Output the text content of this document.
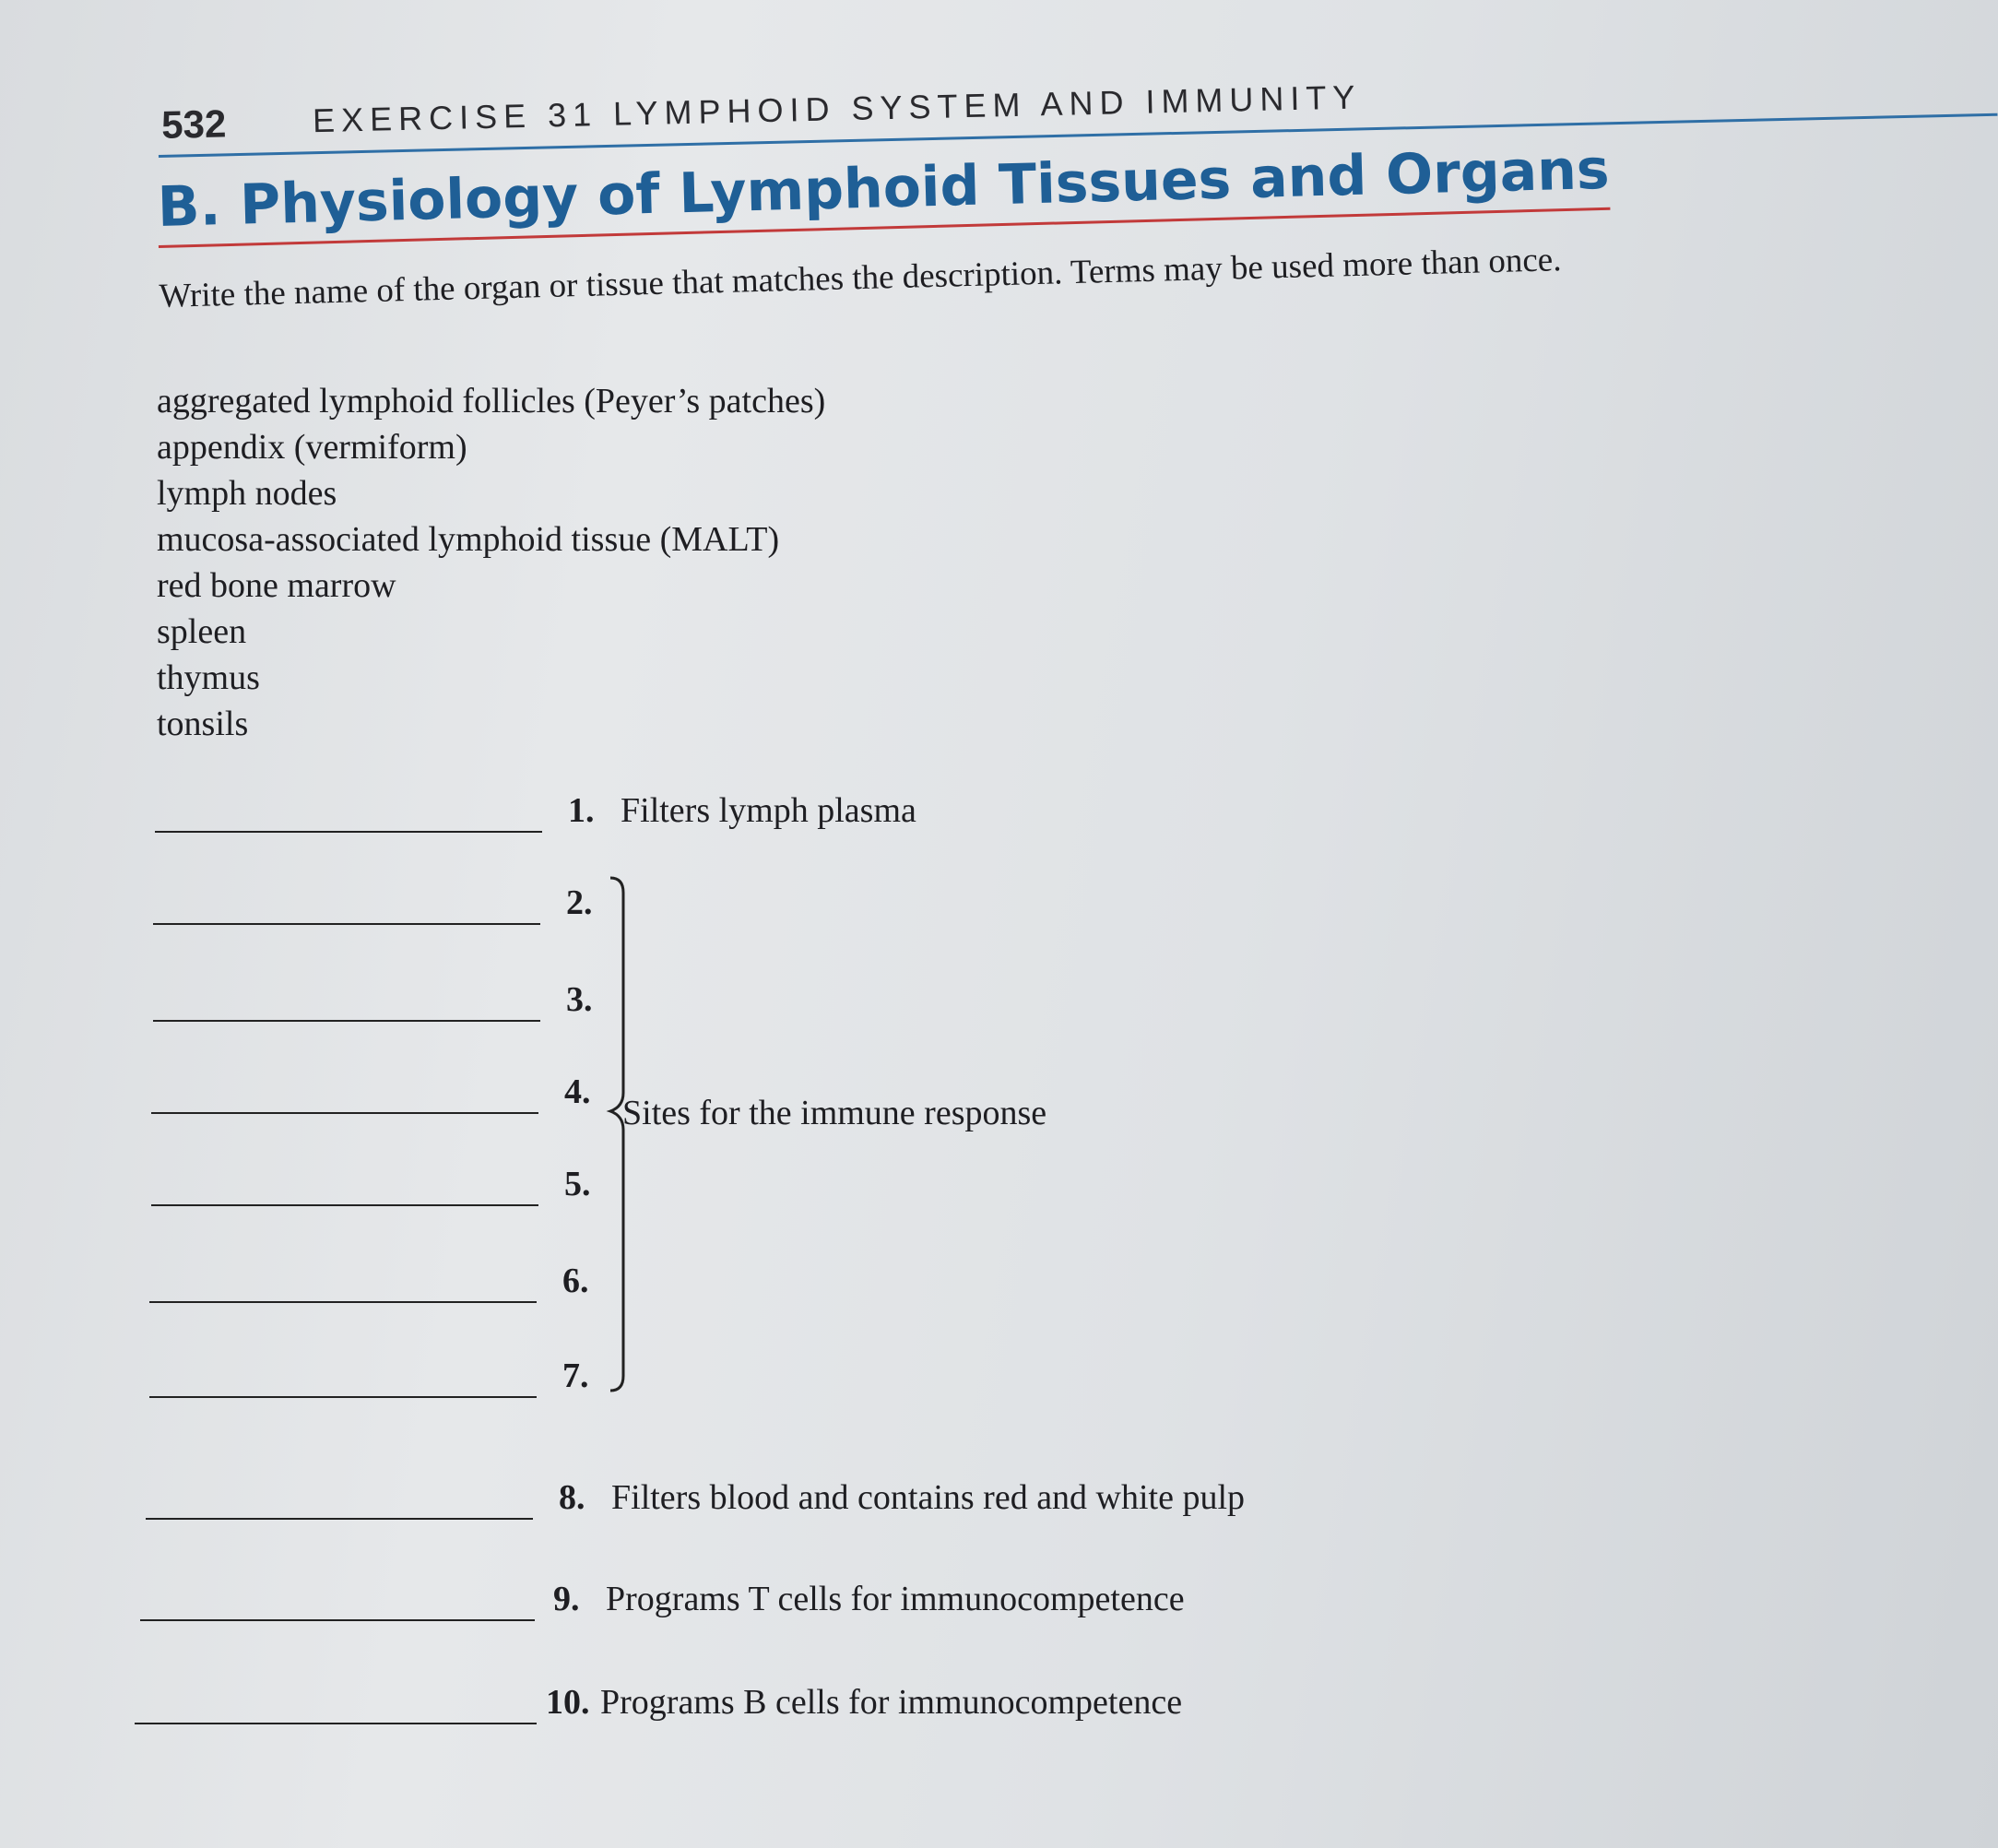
532	EXERCISE 31 LYMPHOID SYSTEM AND IMMUNITY
B. Physiology of Lymphoid Tissues and Organs
Write the name of the organ or tissue that matches the description. Terms may be used more than once.
aggregated lymphoid follicles (Peyer’s patches)
appendix (vermiform)
lymph nodes
mucosa-associated lymphoid tissue (MALT)
red bone marrow
spleen
thymus
tonsils
1. Filters lymph plasma
2.
3.
4.
5.
6.
7.
Sites for the immune response
8. Filters blood and contains red and white pulp
9. Programs T cells for immunocompetence
10. Programs B cells for immunocompetence
